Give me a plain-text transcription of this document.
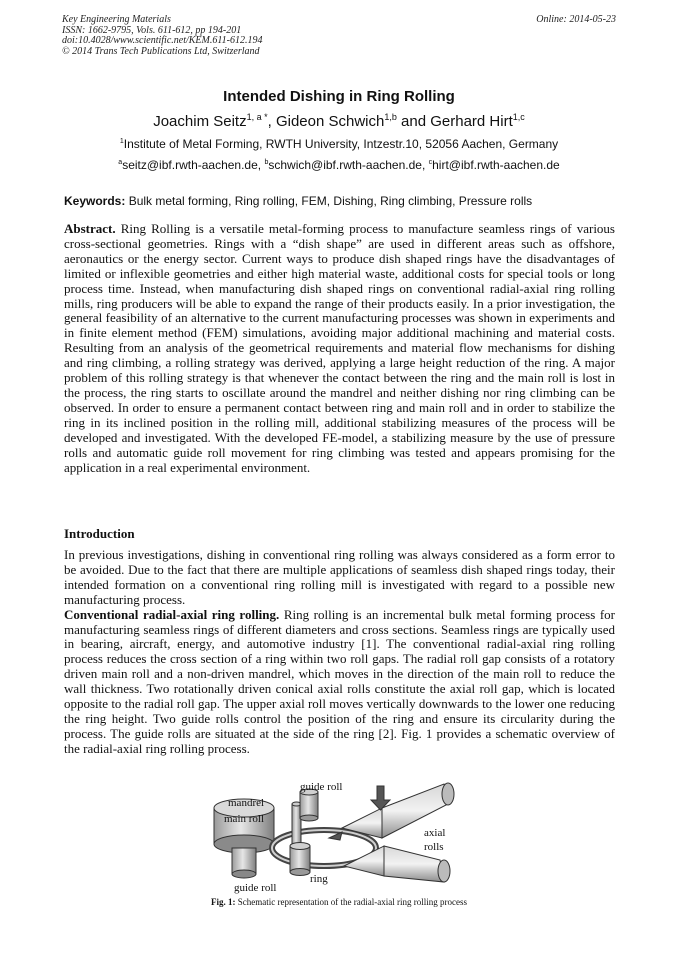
Key Engineering Materials
ISSN: 1662-9795, Vols. 611-612, pp 194-201
doi:10.4028/www.scientific.net/KEM.611-612.194
© 2014 Trans Tech Publications Ltd, Switzerland
Online: 2014-05-23
Intended Dishing in Ring Rolling
Joachim Seitz$^{1, a *}$, Gideon Schwich$^{1,b}$ and Gerhard Hirt$^{1,c}$
$^1$Institute of Metal Forming, RWTH University, Intzestr.10, 52056 Aachen, Germany
$^a$seitz@ibf.rwth-aachen.de, $^b$schwich@ibf.rwth-aachen.de, $^c$hirt@ibf.rwth-aachen.de
Keywords: Bulk metal forming, Ring rolling, FEM, Dishing, Ring climbing, Pressure rolls
Abstract. Ring Rolling is a versatile metal-forming process to manufacture seamless rings of various cross-sectional geometries. Rings with a “dish shape” are used in different areas such as offshore, aeronautics or the energy sector. Current ways to produce dish shaped rings have the disadvantages of limited or inflexible geometries and either high material waste, additional costs for special tools or long process time. Instead, when manufacturing dish shaped rings on conventional radial-axial ring rolling mills, ring producers will be able to expand the range of their products easily. In a prior investigation, the general feasibility of an alternative to the current manufacturing processes was shown in experiments and in finite element method (FEM) simulations, avoiding major additional machining and material costs. Resulting from an analysis of the geometrical requirements and material flow mechanisms for dishing and ring climbing, a rolling strategy was derived, applying a large height reduction of the ring. A major problem of this rolling strategy is that whenever the contact between the ring and the main roll is lost in the process, the ring starts to oscillate around the mandrel and neither dishing nor ring climbing can be observed. In order to ensure a permanent contact between ring and main roll and in order to stabilize the ring in its inclined position in the rolling mill, additional stabilizing measures of the process will be developed and investigated. With the developed FE-model, a stabilizing measure by the use of pressure rolls and automatic guide roll movement for ring climbing was tested and appears promising for the application in a real experimental environment.
Introduction
In previous investigations, dishing in conventional ring rolling was always considered as a form error to be avoided. Due to the fact that there are multiple applications of seamless dish shaped rings today, their intended formation on a conventional ring rolling mill is investigated with regard to a possible new manufacturing process.
Conventional radial-axial ring rolling. Ring rolling is an incremental bulk metal forming process for manufacturing seamless rings of different diameters and cross sections. Seamless rings are typically used in bearing, aircraft, energy, and automotive industry [1]. The conventional radial-axial ring rolling process reduces the cross section of a ring within two roll gaps. The radial roll gap consists of a rotatory driven main roll and a non-driven mandrel, which moves in the direction of the main roll to reduce the wall thickness. Two rotationally driven conical axial rolls constitute the axial roll gap, which is located opposite to the radial roll gap. The upper axial roll moves vertically downwards to the lower one reducing the ring height. Two guide rolls control the position of the ring and ensure its circularity during the process. The guide rolls are situated at the side of the ring [2]. Fig. 1 provides a schematic overview of the radial-axial ring rolling process.
mandrel
guide roll
main roll
axial
rolls
ring
guide roll
Fig. 1: Schematic representation of the radial-axial ring rolling process
